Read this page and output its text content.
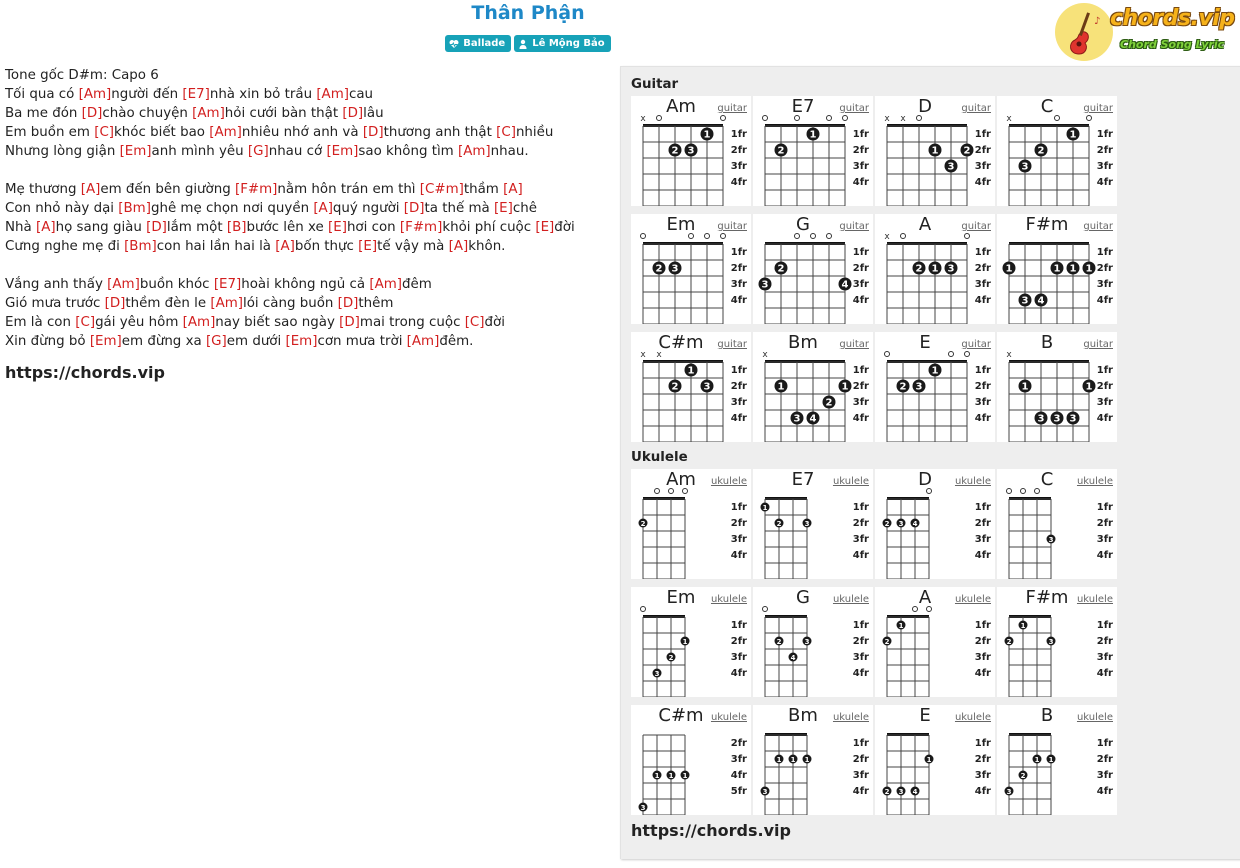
Thân Phận
Ballade	Lê Mộng Bảo
♪ chords.vip
Chord Song Lyric
Tone gốc D#m: Capo 6
Tối qua có [Am]người đến [E7]nhà xin bỏ trầu [Am]cau
Ba me đón [D]chào chuyện [Am]hỏi cưới bàn thật [D]lâu
Em buồn em [C]khóc biết bao [Am]nhiêu nhớ anh và [D]thương anh thật [C]nhiều
Nhưng lòng giận [Em]anh mình yêu [G]nhau cớ [Em]sao không tìm [Am]nhau.
Mẹ thương [A]em đến bên giường [F#m]nằm hôn trán em thì [C#m]thầm [A]
Con nhỏ này dại [Bm]ghê mẹ chọn nơi quyền [A]quý người [D]ta thế mà [E]chê
Nhà [A]họ sang giàu [D]lắm một [B]bước lên xe [E]hơi con [F#m]khỏi phí cuộc [E]đời
Cưng nghe mẹ đi [Bm]con hai lần hai là [A]bốn thực [E]tế vậy mà [A]khôn.
Vắng anh thấy [Am]buồn khóc [E7]hoài không ngủ cả [Am]đêm
Gió mưa trước [D]thềm đèn le [Am]lói càng buồn [D]thêm
Em là con [C]gái yêu hôm [Am]nay biết sao ngày [D]mai trong cuộc [C]đời
Xin đừng bỏ [Em]em đừng xa [G]em dưới [Em]cơn mưa trời [Am]đêm.
https://chords.vip
Guitar
x
1fr
2fr
3fr
4fr
2 3
1
Am	guitar
1fr
2fr
3fr
4fr
2
1
E7	guitar
x x
1fr
2fr
3fr
4fr
1
3
2
D	guitar
x
1fr
2fr
3fr
4fr
3
2
1
C	guitar
1fr
2fr
3fr
4fr
2 3
Em	guitar
1fr
2fr
3fr
4fr
3
2
4
G	guitar
x
1fr
2fr
3fr
4fr
2 1 3
A	guitar
1fr
2fr
3fr
4fr
1
3 4
1 1 1
F#m	guitar
x x
1fr
2fr
3fr
4fr
2
1
3
C#m	guitar
x
1fr
2fr
3fr
4fr
1
3 4
2
1
Bm	guitar
1fr
2fr
3fr
4fr
2 3
1
E	guitar
x
1fr
2fr
3fr
4fr
1
3 3 3
1
B	guitar
Ukulele
1fr
2fr
3fr
4fr
2
Am	ukulele
1fr
2fr
3fr
4fr
1
2	3
E7	ukulele
1fr
2fr
3fr
4fr
2 3 4
D	ukulele
1fr
2fr
3fr
4fr
3
C	ukulele
1fr
2fr
3fr
4fr
3
2
1
Em	ukulele
1fr
2fr
3fr
4fr
2
4
3
G	ukulele
1fr
2fr
3fr
4fr
2
1
A	ukulele
1fr
2fr
3fr
4fr
2
1
3
F#m ukulele
2fr
3fr
4fr
5fr
3
1 1 1
C#m ukulele
1fr
2fr
3fr
4fr
3
1 1 1
Bm	ukulele
1fr
2fr
3fr
4fr
2 3 4
1
E	ukulele
1fr
2fr
3fr
4fr
3
2
1 1
B	ukulele
https://chords.vip
